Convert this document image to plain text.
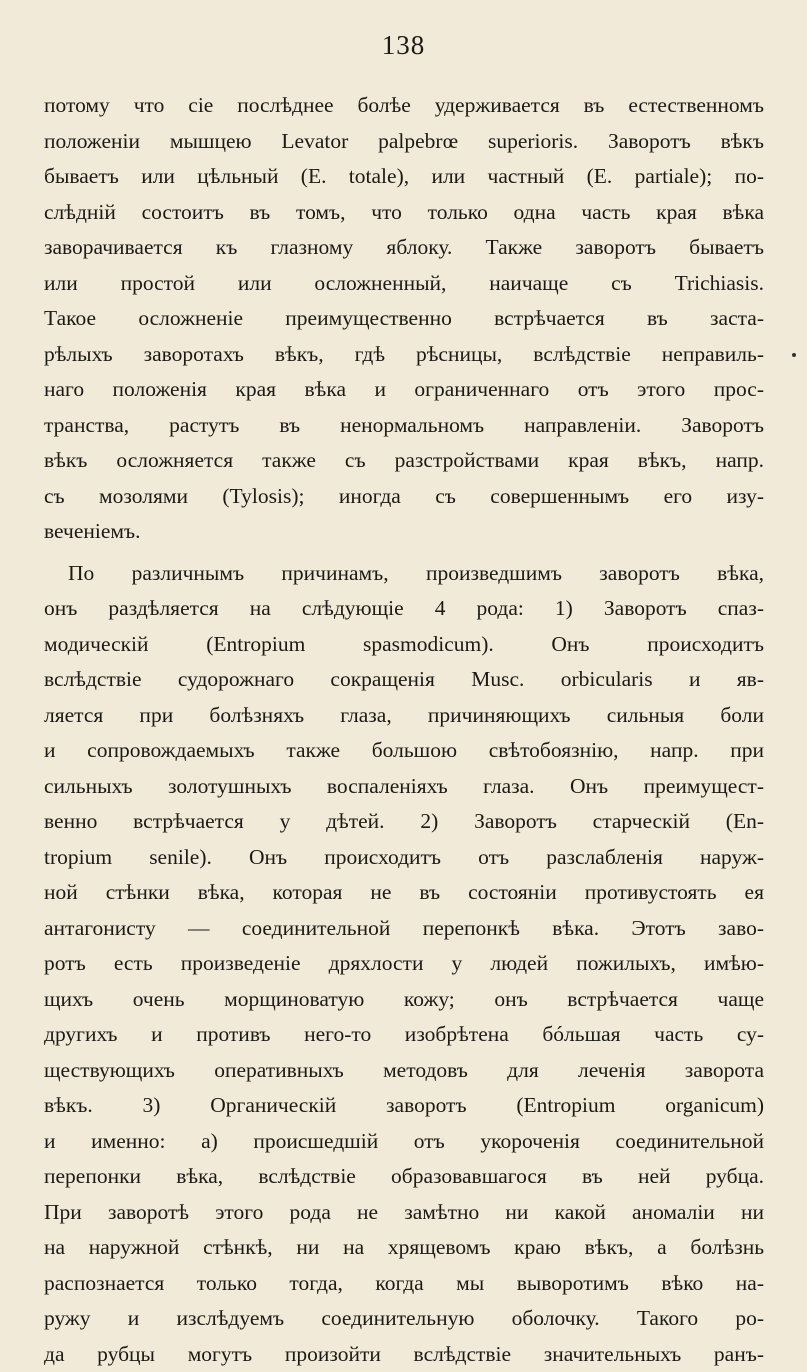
138
потому что сіе послѣднее болѣе удерживается въ естественномъ
положеніи мышцею Levator palpebrœ superioris. Заворотъ вѣкъ
бываетъ или цѣльный (E. totale), или частный (E. partiale); по-
слѣдній состоитъ въ томъ, что только одна часть края вѣка
заворачивается къ глазному яблоку. Также заворотъ бываетъ
или простой или осложненный, наичаще съ Trichiasis.
Такое осложненіе преимущественно встрѣчается въ заста-
рѣлыхъ заворотахъ вѣкъ, гдѣ рѣсницы, вслѣдствіе неправиль-
наго положенія края вѣка и ограниченнаго отъ этого прос-
транства, растутъ въ ненормальномъ направленіи. Заворотъ
вѣкъ осложняется также съ разстройствами края вѣкъ, напр.
съ мозолями (Tylosis); иногда съ совершеннымъ его изу-
веченіемъ.
По различнымъ причинамъ, произведшимъ заворотъ вѣка,
онъ раздѣляется на слѣдующіе 4 рода: 1) Заворотъ спаз-
модическій (Entropium spasmodicum). Онъ происходитъ
вслѣдствіе судорожнаго сокращенія Musc. orbicularis и яв-
ляется при болѣзняхъ глаза, причиняющихъ сильныя боли
и сопровождаемыхъ также большою свѣтобоязнію, напр. при
сильныхъ золотушныхъ воспаленіяхъ глаза. Онъ преимущест-
венно встрѣчается у дѣтей. 2) Заворотъ старческій (En-
tropium senile). Онъ происходитъ отъ разслабленія наруж-
ной стѣнки вѣка, которая не въ состояніи противустоять ея
антагонисту — соединительной перепонкѣ вѣка. Этотъ заво-
ротъ есть произведеніе дряхлости у людей пожилыхъ, имѣю-
щихъ очень морщиноватую кожу; онъ встрѣчается чаще
другихъ и противъ него-то изобрѣтена бóльшая часть су-
ществующихъ оперативныхъ методовъ для леченія заворота
вѣкъ. 3) Органическій заворотъ (Entropium organicum)
и именно: а) происшедшій отъ укороченія соединительной
перепонки вѣка, вслѣдствіе образовавшагося въ ней рубца.
При заворотѣ этого рода не замѣтно ни какой аномаліи ни
на наружной стѣнкѣ, ни на хрящевомъ краю вѣкъ, а болѣзнь
распознается только тогда, когда мы выворотимъ вѣко на-
ружу и изслѣдуемъ соединительную оболочку. Такого ро-
да рубцы могутъ произойти вслѣдствіе значительныхъ ранъ-
